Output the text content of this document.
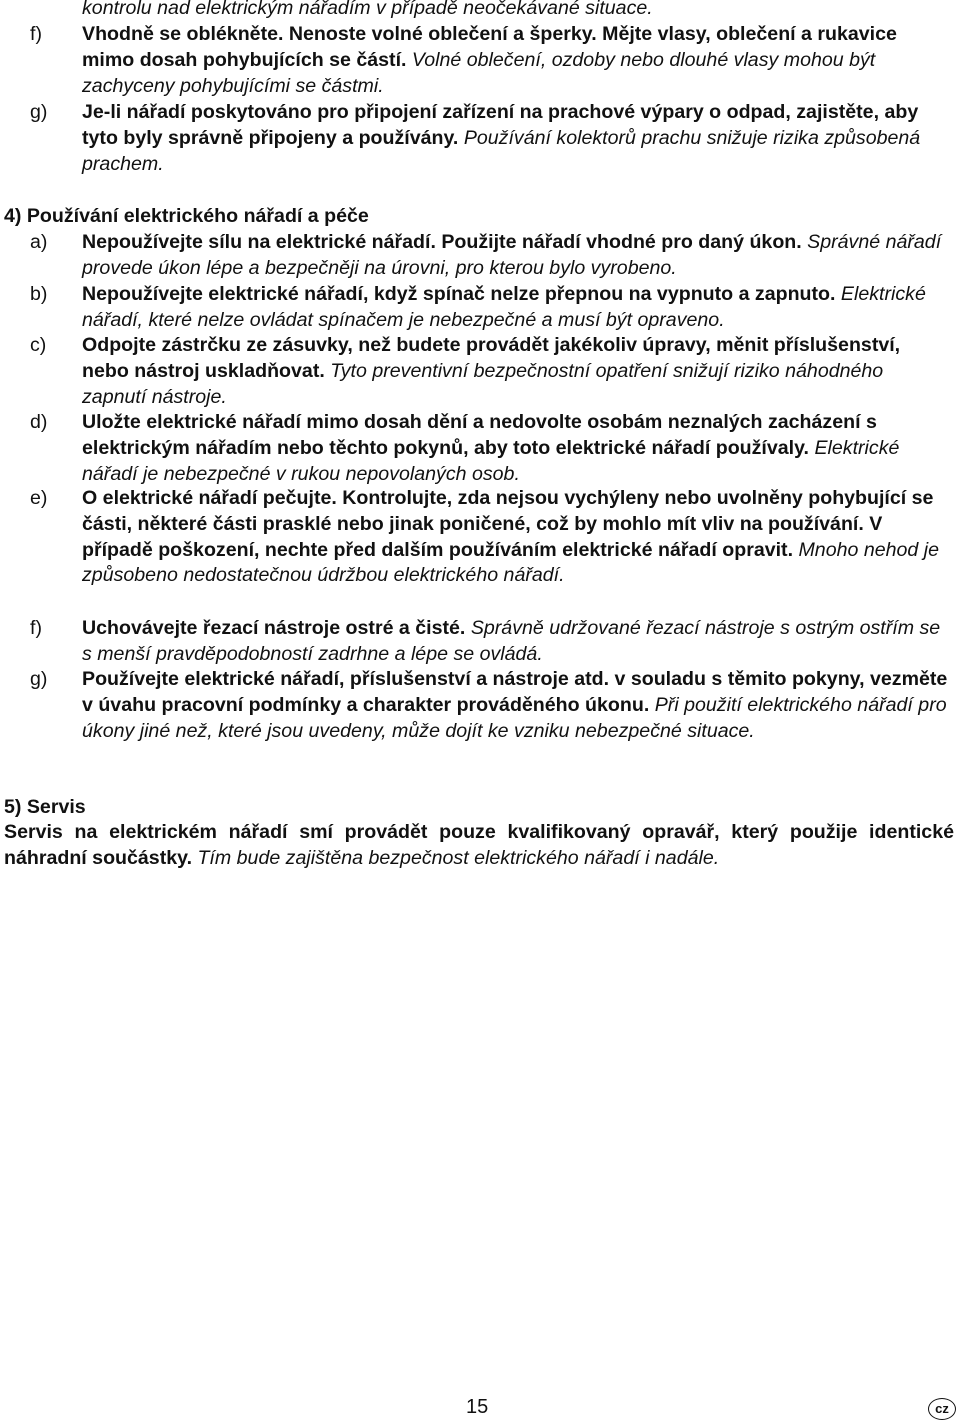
kontrolu nad elektrickým nářadím v případě neočekávané situace.
f) Vhodně se oblékněte. Nenoste volné oblečení a šperky. Mějte vlasy, oblečení a rukavice mimo dosah pohybujících se částí. Volné oblečení, ozdoby nebo dlouhé vlasy mohou být zachyceny pohybujícími se částmi.
g) Je-li nářadí poskytováno pro připojení zařízení na prachové výpary o odpad, zajistěte, aby tyto byly správně připojeny a používány. Používání kolektorů prachu snižuje rizika způsobená prachem.
4) Používání elektrického nářadí a péče
a) Nepoužívejte sílu na elektrické nářadí. Použijte nářadí vhodné pro daný úkon. Správné nářadí provede úkon lépe a bezpečněji na úrovni, pro kterou bylo vyrobeno.
b) Nepoužívejte elektrické nářadí, když spínač nelze přepnou na vypnuto a zapnuto. Elektrické nářadí, které nelze ovládat spínačem je nebezpečné a musí být opraveno.
c) Odpojte zástrčku ze zásuvky, než budete provádět jakékoliv úpravy, měnit příslušenství, nebo nástroj uskladňovat. Tyto preventivní bezpečnostní opatření snižují riziko náhodného zapnutí nástroje.
d) Uložte elektrické nářadí mimo dosah dění a nedovolte osobám neznalých zacházení s elektrickým nářadím nebo těchto pokynů, aby toto elektrické nářadí používaly. Elektrické nářadí je nebezpečné v rukou nepovolaných osob.
e) O elektrické nářadí pečujte. Kontrolujte, zda nejsou vychýleny nebo uvolněny pohybující se části, některé části prasklé nebo jinak poničené, což by mohlo mít vliv na používání. V případě poškození, nechte před dalším používáním elektrické nářadí opravit. Mnoho nehod je způsobeno nedostatečnou údržbou elektrického nářadí.
f) Uchovávejte řezací nástroje ostré a čisté. Správně udržované řezací nástroje s ostrým ostřím se s menší pravděpodobností zadrhne a lépe se ovládá.
g) Používejte elektrické nářadí, příslušenství a nástroje atd. v souladu s těmito pokyny, vezměte v úvahu pracovní podmínky a charakter prováděného úkonu. Při použití elektrického nářadí pro úkony jiné než, které jsou uvedeny, může dojít ke vzniku nebezpečné situace.
5) Servis
Servis na elektrickém nářadí smí provádět pouze kvalifikovaný opravář, který použije identické náhradní součástky. Tím bude zajištěna bezpečnost elektrického nářadí i nadále.
15	cz
